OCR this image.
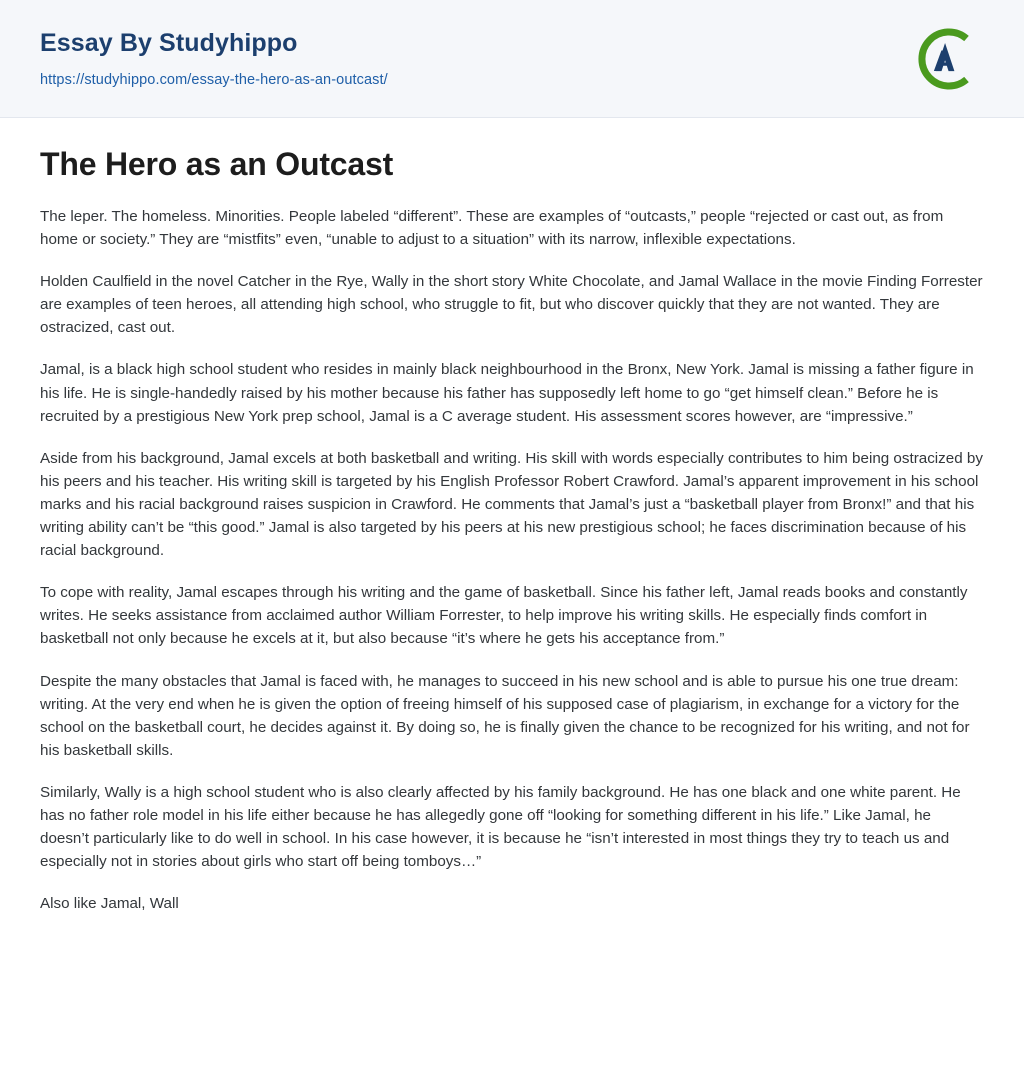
Essay By Studyhippo
https://studyhippo.com/essay-the-hero-as-an-outcast/
A
The Hero as an Outcast

The leper. The homeless. Minorities. People labeled “different”. These are examples of “outcasts,” people “rejected or cast out, as from home or society.” They are “mistfits” even, “unable to adjust to a situation” with its narrow, inflexible expectations.

Holden Caulfield in the novel Catcher in the Rye, Wally in the short story White Chocolate, and Jamal Wallace in the movie Finding Forrester are examples of teen heroes, all attending high school, who struggle to fit, but who discover quickly that they are not wanted. They are ostracized, cast out.

Jamal, is a black high school student who resides in mainly black neighbourhood in the Bronx, New York. Jamal is missing a father figure in his life. He is single-handedly raised by his mother because his father has supposedly left home to go “get himself clean.” Before he is recruited by a prestigious New York prep school, Jamal is a C average student. His assessment scores however, are “impressive.”

Aside from his background, Jamal excels at both basketball and writing. His skill with words especially contributes to him being ostracized by his peers and his teacher. His writing skill is targeted by his English Professor Robert Crawford. Jamal’s apparent improvement in his school marks and his racial background raises suspicion in Crawford. He comments that Jamal’s just a “basketball player from Bronx!” and that his writing ability can’t be “this good.” Jamal is also targeted by his peers at his new prestigious school; he faces discrimination because of his racial background.

To cope with reality, Jamal escapes through his writing and the game of basketball. Since his father left, Jamal reads books and constantly writes. He seeks assistance from acclaimed author William Forrester, to help improve his writing skills. He especially finds comfort in basketball not only because he excels at it, but also because “it’s where he gets his acceptance from.”

Despite the many obstacles that Jamal is faced with, he manages to succeed in his new school and is able to pursue his one true dream: writing. At the very end when he is given the option of freeing himself of his supposed case of plagiarism, in exchange for a victory for the school on the basketball court, he decides against it. By doing so, he is finally given the chance to be recognized for his writing, and not for his basketball skills.

Similarly, Wally is a high school student who is also clearly affected by his family background. He has one black and one white parent. He has no father role model in his life either because he has allegedly gone off “looking for something different in his life.” Like Jamal, he doesn’t particularly like to do well in school. In his case however, it is because he “isn’t interested in most things they try to teach us and especially not in stories about girls who start off being tomboys…”

Also like Jamal, Wall
